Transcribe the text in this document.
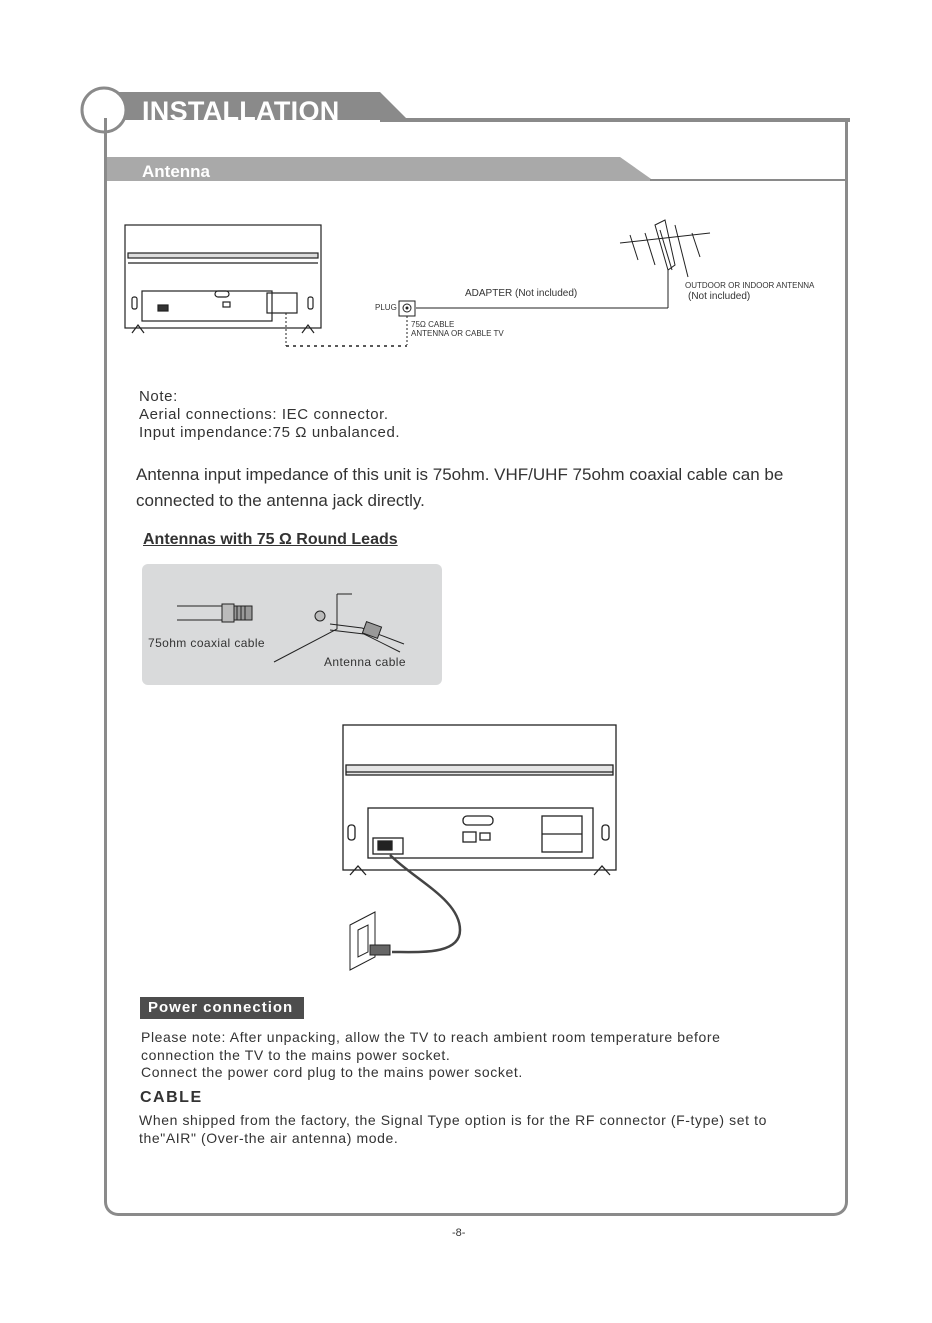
INSTALLATION
Antenna
ADAPTER (Not included)
PLUG
75Ω CABLE
ANTENNA OR CABLE TV
OUTDOOR OR INDOOR ANTENNA
(Not included)
Note:
Aerial connections: IEC connector.
Input impendance:75 Ω unbalanced.
Antenna input impedance of this unit is 75ohm. VHF/UHF 75ohm coaxial cable can be connected to the antenna jack directly.
Antennas with 75 Ω Round Leads
75ohm coaxial cable
Antenna cable
Power connection
Please note: After unpacking, allow the TV to reach ambient room temperature before
connection the TV to the mains power socket.
Connect the power cord plug to the mains power socket.
CABLE
When shipped from the factory, the Signal Type option is for the RF connector (F-type) set to
the"AIR" (Over-the air antenna) mode.
-8-
